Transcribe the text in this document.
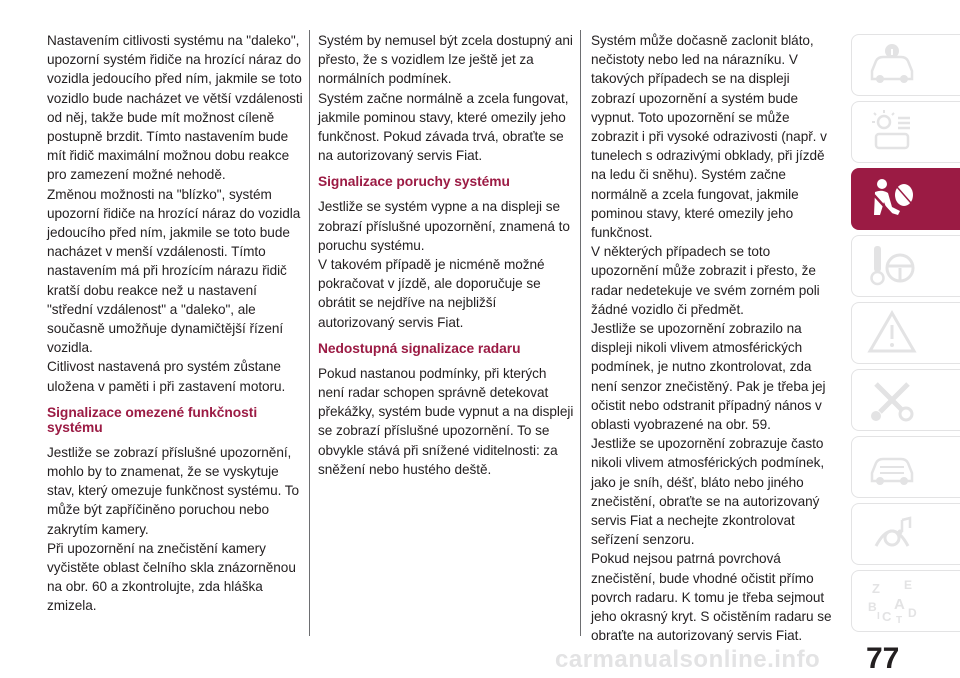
Nastavením citlivosti systému na "daleko", upozorní systém řidiče na hrozící náraz do vozidla jedoucího před ním, jakmile se toto vozidlo bude nacházet ve větší vzdálenosti od něj, takže bude mít možnost cíleně postupně brzdit. Tímto nastavením bude mít řidič maximální možnou dobu reakce pro zamezení možné nehodě.

Změnou možnosti na "blízko", systém upozorní řidiče na hrozící náraz do vozidla jedoucího před ním, jakmile se toto bude nacházet v menší vzdálenosti. Tímto nastavením má při hrozícím nárazu řidič kratší dobu reakce než u nastavení "střední vzdálenost" a "daleko", ale současně umožňuje dynamičtější řízení vozidla.

Citlivost nastavená pro systém zůstane uložena v paměti i při zastavení motoru.

Signalizace omezené funkčnosti systému

Jestliže se zobrazí příslušné upozornění, mohlo by to znamenat, že se vyskytuje stav, který omezuje funkčnost systému. To může být zapříčiněno poruchou nebo zakrytím kamery.

Při upozornění na znečistění kamery vyčistěte oblast čelního skla znázorněnou na obr. 60 a zkontrolujte, zda hláška zmizela.

Systém by nemusel být zcela dostupný ani přesto, že s vozidlem lze ještě jet za normálních podmínek.

Systém začne normálně a zcela fungovat, jakmile pominou stavy, které omezily jeho funkčnost. Pokud závada trvá, obraťte se na autorizovaný servis Fiat.

Signalizace poruchy systému

Jestliže se systém vypne a na displeji se zobrazí příslušné upozornění, znamená to poruchu systému.

V takovém případě je nicméně možné pokračovat v jízdě, ale doporučuje se obrátit se nejdříve na nejbližší autorizovaný servis Fiat.

Nedostupná signalizace radaru

Pokud nastanou podmínky, při kterých není radar schopen správně detekovat překážky, systém bude vypnut a na displeji se zobrazí příslušné upozornění. To se obvykle stává při snížené viditelnosti: za sněžení nebo hustého deště.

Systém může dočasně zaclonit bláto, nečistoty nebo led na nárazníku. V takových případech se na displeji zobrazí upozornění a systém bude vypnut. Toto upozornění se může zobrazit i při vysoké odrazivosti (např. v tunelech s odrazivými obklady, při jízdě na ledu či sněhu). Systém začne normálně a zcela fungovat, jakmile pominou stavy, které omezily jeho funkčnost.

V některých případech se toto upozornění může zobrazit i přesto, že radar nedetekuje ve svém zorném poli žádné vozidlo či předmět.

Jestliže se upozornění zobrazilo na displeji nikoli vlivem atmosférických podmínek, je nutno zkontrolovat, zda není senzor znečistěný. Pak je třeba jej očistit nebo odstranit případný nános v oblasti vyobrazené na obr. 59.

Jestliže se upozornění zobrazuje často nikoli vlivem atmosférických podmínek, jako je sníh, déšť, bláto nebo jiného znečistění, obraťte se na autorizovaný servis Fiat a nechejte zkontrolovat seřízení senzoru.

Pokud nejsou patrná povrchová znečistění, bude vhodné očistit přímo povrch radaru. K tomu je třeba sejmout jeho okrasný kryt. S očistěním radaru se obraťte na autorizovaný servis Fiat.

Z E
B
C
A D
I T
carmanualsonline.info 77
